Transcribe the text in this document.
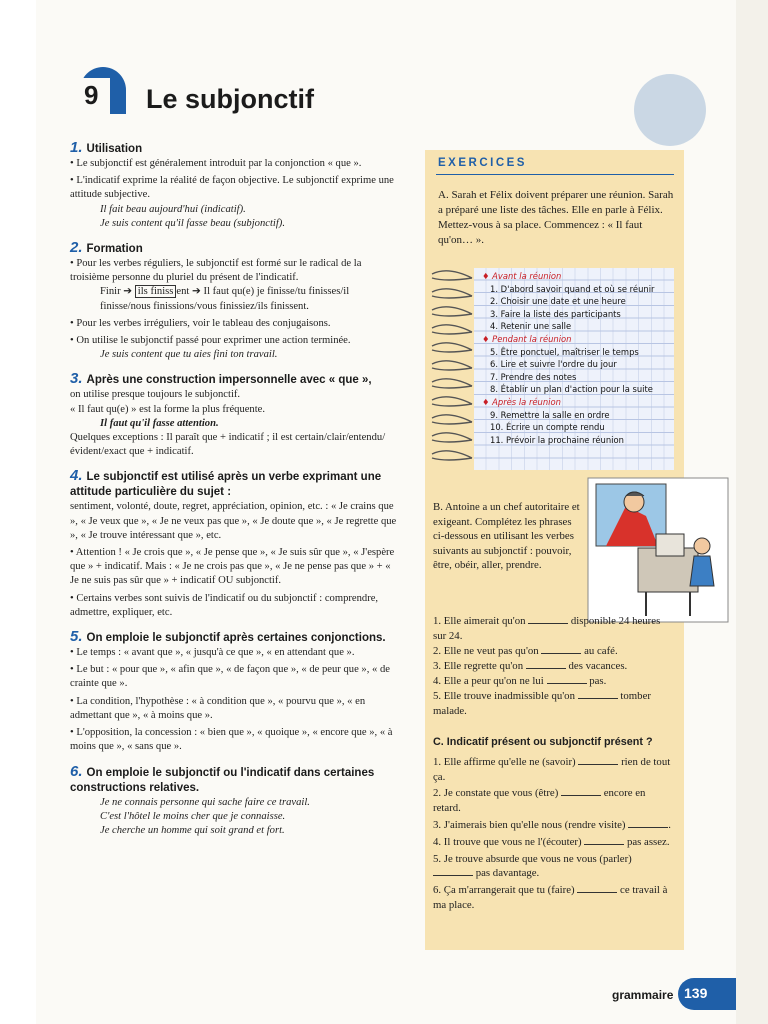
9 Le subjonctif
1. Utilisation
• Le subjonctif est généralement introduit par la conjonction « que ».
• L'indicatif exprime la réalité de façon objective. Le subjonctif exprime une attitude subjective.
Il fait beau aujourd'hui (indicatif).
Je suis content qu'il fasse beau (subjonctif).
2. Formation
• Pour les verbes réguliers, le subjonctif est formé sur le radical de la troisième personne du pluriel du présent de l'indicatif.
Finir ➔ ils finiss ent ➔ Il faut qu(e) je finisse/tu finisses/il finisse/nous finissions/vous finissiez/ils finissent.
• Pour les verbes irréguliers, voir le tableau des conjugaisons.
• On utilise le subjonctif passé pour exprimer une action terminée.
Je suis content que tu aies fini ton travail.
3. Après une construction impersonnelle avec « que »,
on utilise presque toujours le subjonctif.
« Il faut qu(e) » est la forme la plus fréquente.
Il faut qu'il fasse attention.
Quelques exceptions : Il paraît que + indicatif ; il est certain/clair/entendu/évident/exact que + indicatif.
4. Le subjonctif est utilisé après un verbe exprimant une attitude particulière du sujet :
sentiment, volonté, doute, regret, appréciation, opinion, etc. : « Je crains que », « Je veux que », « Je ne veux pas que », « Je doute que », « Je regrette que », « Je trouve intéressant que », etc.
• Attention ! « Je crois que », « Je pense que », « Je suis sûr que », « J'espère que » + indicatif. Mais : « Je ne crois pas que », « Je ne pense pas que » + « Je ne suis pas sûr que » + indicatif OU subjonctif.
• Certains verbes sont suivis de l'indicatif ou du subjonctif : comprendre, admettre, expliquer, etc.
5. On emploie le subjonctif après certaines conjonctions.
• Le temps : « avant que », « jusqu'à ce que », « en attendant que ».
• Le but : « pour que », « afin que », « de façon que », « de peur que », « de crainte que ».
• La condition, l'hypothèse : « à condition que », « pourvu que », « en admettant que », « à moins que ».
• L'opposition, la concession : « bien que », « quoique », « encore que », « à moins que », « sans que ».
6. On emploie le subjonctif ou l'indicatif dans certaines constructions relatives.
Je ne connais personne qui sache faire ce travail.
C'est l'hôtel le moins cher que je connaisse.
Je cherche un homme qui soit grand et fort.
EXERCICES
A. Sarah et Félix doivent préparer une réunion. Sarah a préparé une liste des tâches. Elle en parle à Félix. Mettez-vous à sa place. Commencez : « Il faut qu'on… ».
♦ Avant la réunion
1. D'abord savoir quand et où se réunir
2. Choisir une date et une heure
3. Faire la liste des participants
4. Retenir une salle
♦ Pendant la réunion
5. Être ponctuel, maîtriser le temps
6. Lire et suivre l'ordre du jour
7. Prendre des notes
8. Établir un plan d'action pour la suite
♦ Après la réunion
9. Remettre la salle en ordre
10. Écrire un compte rendu
11. Prévoir la prochaine réunion
B. Antoine a un chef autoritaire et exigeant. Complétez les phrases ci-dessous en utilisant les verbes suivants au subjonctif : pouvoir, être, obéir, aller, prendre.
1. Elle aimerait qu'on	disponible 24 heures sur 24.
2. Elle ne veut pas qu'on	au café.
3. Elle regrette qu'on	des vacances.
4. Elle a peur qu'on ne lui	pas.
5. Elle trouve inadmissible qu'on	tomber malade.
C. Indicatif présent ou subjonctif présent ?

1. Elle affirme qu'elle ne (savoir)	rien de tout ça.

2. Je constate que vous (être)	encore en retard.

3. J'aimerais bien qu'elle nous (rendre visite)	.

4. Il trouve que vous ne l'(écouter)	pas assez.

5. Je trouve absurde que vous ne vous (parler)  pas davantage.

6. Ça m'arrangerait que tu (faire)	ce travail à ma place.

grammaire 139
